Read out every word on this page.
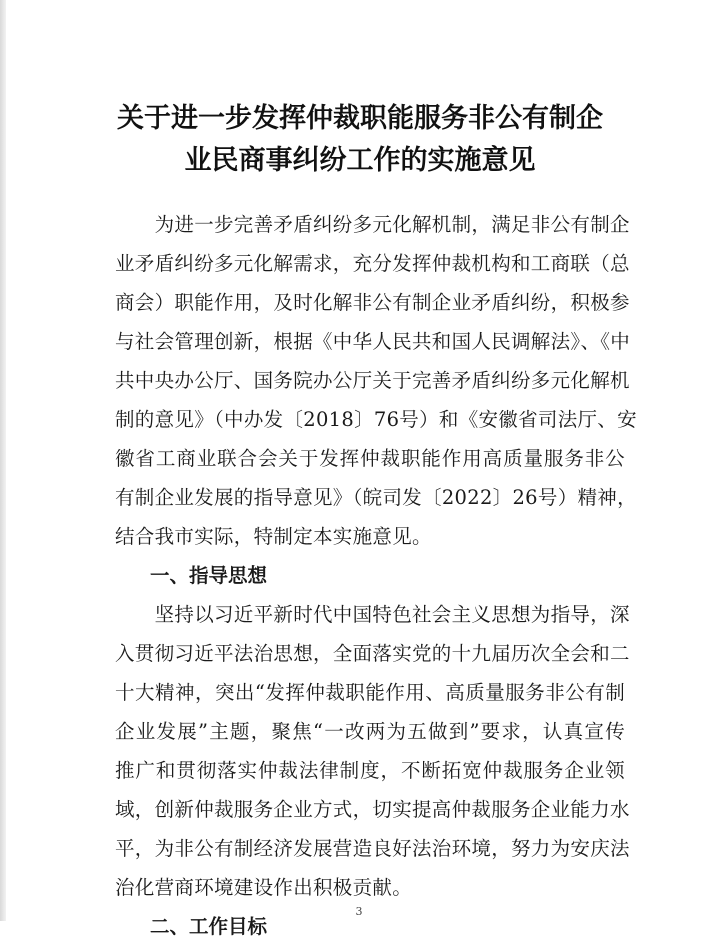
关于进一步发挥仲裁职能服务非公有制企
业民商事纠纷工作的实施意见
　　为进一步完善矛盾纠纷多元化解机制，满足非公有制企
业矛盾纠纷多元化解需求，充分发挥仲裁机构和工商联（总
商会）职能作用，及时化解非公有制企业矛盾纠纷，积极参
与社会管理创新，根据《中华人民共和国人民调解法》、《中
共中央办公厅、国务院办公厅关于完善矛盾纠纷多元化解机
制的意见》（中办发〔2018〕76号）和《安徽省司法厅、安
徽省工商业联合会关于发挥仲裁职能作用高质量服务非公
有制企业发展的指导意见》（皖司发〔2022〕26号）精神，
结合我市实际，特制定本实施意见。
一、指导思想
　　坚持以习近平新时代中国特色社会主义思想为指导，深
入贯彻习近平法治思想，全面落实党的十九届历次全会和二
十大精神，突出“发挥仲裁职能作用、高质量服务非公有制
企业发展”主题，聚焦“一改两为五做到”要求，认真宣传
推广和贯彻落实仲裁法律制度，不断拓宽仲裁服务企业领
域，创新仲裁服务企业方式，切实提高仲裁服务企业能力水
平，为非公有制经济发展营造良好法治环境，努力为安庆法
治化营商环境建设作出积极贡献。
二、工作目标
3
